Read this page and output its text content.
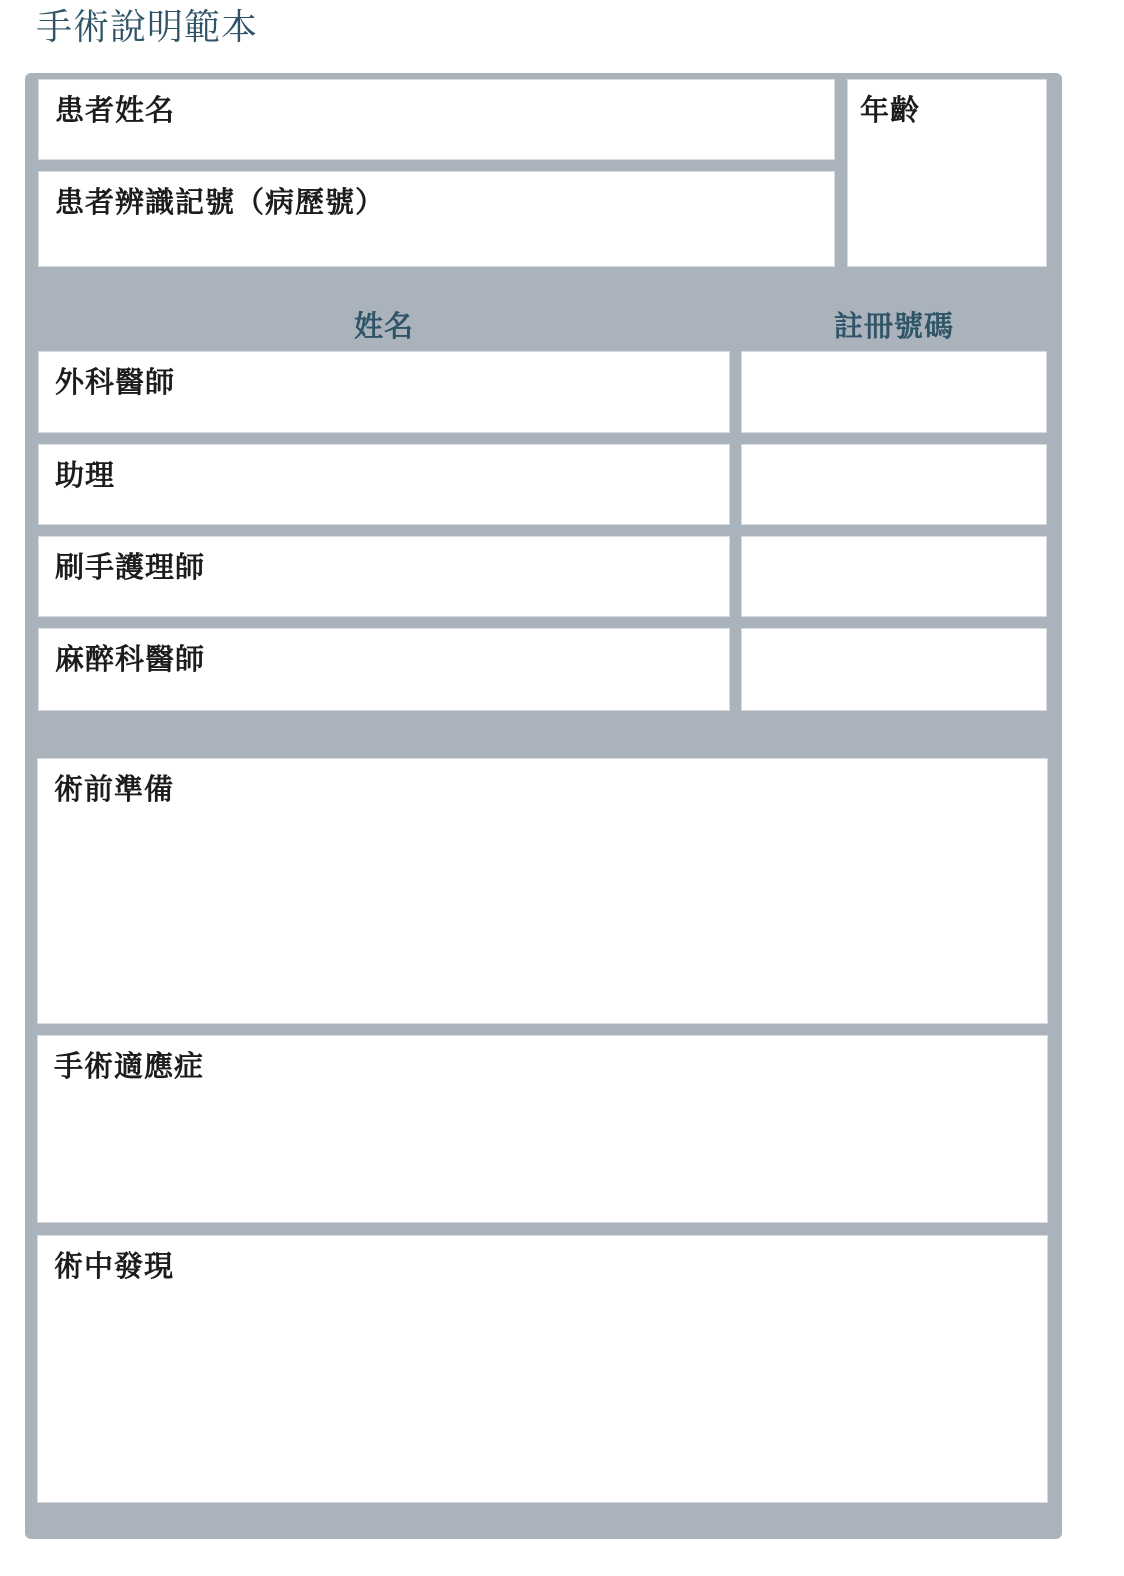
手術說明範本
患者姓名
患者辨識記號（病歷號）
年齡
姓名	註冊號碼
外科醫師
助理
刷手護理師
麻醉科醫師
術前準備
手術適應症
術中發現
